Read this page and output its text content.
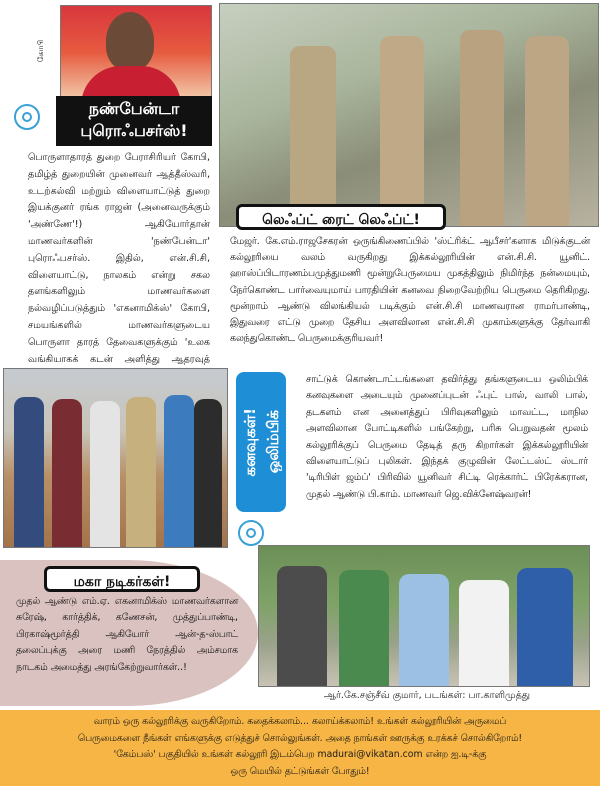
கோபி
நண்பேன்டா
புரொஃபசர்ஸ்!
பொருளாதாரத் துறை பேராசிரியர் கோபி, தமிழ்த் துறையின் முனைவர் ஆத்தீஸ்வரி, உடற்கல்வி மற்றும் விளையாட்டுத் துறை இயக்குனர் ரங்க ராஜன் (அனைவருக்கும் 'அண்ணே'!) ஆகியோர்தான் மாணவர்களின் 'நண்பேன்டா' புரொஃபசர்ஸ். இதில், என்.சி.சி, விளையாட்டு, நாலகம் என்று சகல தளங்களிலும் மாணவர்களை நல்வழிப்படுத்தும் 'எகனாமிக்ஸ்' கோபி, சமயங்களில் மாணவர்களுடைய பொருளா தாரத் தேவைகளுக்கும் 'உலக வங்கியாகக் கடன் அளித்து ஆதரவுத்
லெஃப்ட் ரைட் லெஃப்ட்!
மேஜர். கே.எம்.ராஜசேகரன் ஒருங்கிணைப்பில் 'ஸ்ட்ரிக்ட் ஆபீசர்'களாக மிடுக்குடன் கல்லூரியை வலம் வருகிறது இக்கல்லூரியின் என்.சி.சி. யூனிட். ஹாஸ்ப்பிடாரணம்பமுத்துமணி மூன்றுபேருமைய முகத்திலும் நிமிர்ந்த நன்மையும், நேர்கொண்ட பார்வையுமாய் பாரதியின் கனவை நிறைவேற்றிய பெருமை தெரிகிறது. மூன்றாம் ஆண்டு விலங்கியல் படிக்கும் என்.சி.சி மாணவரான ராமர்பாண்டி, இதுவரை எட்டு முறை தேசிய அளவிலான என்.சி.சி முகாம்களுக்கு தேர்வாகி கலந்துகொண்ட பெருமைக்குரியவர்!
ஒலிம்பிக்
கனவுகள்!
சாட்டுக் கொண்டாட்டங்களை தவிர்த்து தங்களுடைய ஒலிம்பிக் கனவுகளை அடையும் முனைப்புடன் ஃபுட் பால், வாலி பால், தடகளம் என அனைத்துப் பிரிவுகளிலும் மாவட்ட, மாநில அளவிலான போட்டிகளில் பங்கேற்று, பரிசு பெறுவதன் மூலம் கல்லூரிக்குப் பெருமை தேடித் தரு கிறார்கள் இக்கல்லூரியின் விளையாட்டுப் புலிகள். இந்தக் குழுவின் லேட்டஸ்ட் ஸ்டார் 'டிரிபிள் ஜம்ப்' பிரிவில் யூனிவர் சிட்டி ரெக்கார்ட் பிரேக்கரான, முதல் ஆண்டு பி.காம். மாணவர் ஜெ.விக்னேஷ்வரன்!
மகா நடிகர்கள்!
முதல் ஆண்டு எம்.ஏ. எகனாமிக்ஸ் மாணவர்களான சுரேஷ், கார்த்திக், கணேசன், முத்துப்பாண்டி, பிரகாஷ்மூர்த்தி ஆகியோர் ஆன்-த-ஸ்பாட் தலைப்புக்கு அரை மணி நேரத்தில் அம்சமாக நாடகம் அமைத்து அரங்கேற்றுவார்கள்..!
ஆர்.கே.சஞ்சீவ் குமார், படங்கள்: பா.காளிமுத்து
வாரம் ஒரு கல்லூரிக்கு வருகிறோம். கதைக்கலாம்... கலாய்க்கலாம்! உங்கள் கல்லூரியின் அருமைப்
பெருமைகளை நீங்கள் எங்களுக்கு எடுத்துச் சொல்லுங்கள். அதை நாங்கள் ஊருக்கு உரக்கச் சொல்கிறோம்!
'கேம்பஸ்' பகுதியில் உங்கள் கல்லூரி இடம்பெற madurai@vikatan.com என்ற ஐ.டி-க்கு
ஒரு மெயில் தட்டுங்கள் போதும்!
